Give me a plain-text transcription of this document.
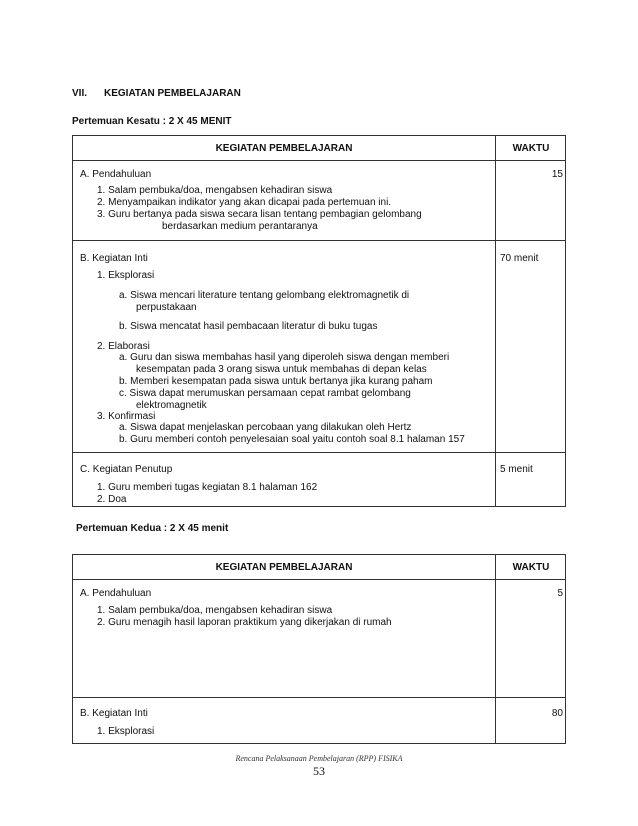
VII. KEGIATAN PEMBELAJARAN
Pertemuan Kesatu : 2 X 45 MENIT
KEGIATAN PEMBELAJARAN	WAKTU
A. Pendahuluan	15
1. Salam pembuka/doa, mengabsen kehadiran siswa
2. Menyampaikan indikator yang akan dicapai pada pertemuan ini.
3. Guru bertanya pada siswa secara lisan tentang pembagian gelombang
berdasarkan medium perantaranya
B. Kegiatan Inti	70 menit
1. Eksplorasi
a. Siswa mencari literature tentang gelombang elektromagnetik di
perpustakaan
b. Siswa mencatat hasil pembacaan literatur di buku tugas
2. Elaborasi
a. Guru dan siswa membahas hasil yang diperoleh siswa dengan memberi
kesempatan pada 3 orang siswa untuk membahas di depan kelas
b. Memberi kesempatan pada siswa untuk bertanya jika kurang paham
c. Siswa dapat merumuskan persamaan cepat rambat gelombang
elektromagnetik
3. Konfirmasi
a. Siswa dapat menjelaskan percobaan yang dilakukan oleh Hertz
b. Guru memberi contoh penyelesaian soal yaitu contoh soal 8.1 halaman 157
C. Kegiatan Penutup	5 menit
1. Guru memberi tugas kegiatan 8.1 halaman 162
2. Doa
Pertemuan Kedua : 2 X 45 menit
KEGIATAN PEMBELAJARAN	WAKTU
A. Pendahuluan	5
1. Salam pembuka/doa, mengabsen kehadiran siswa
2. Guru menagih hasil laporan praktikum yang dikerjakan di rumah
B. Kegiatan Inti	80
1. Eksplorasi
Rencana Pelaksanaan Pembelajaran (RPP) FISIKA
53
